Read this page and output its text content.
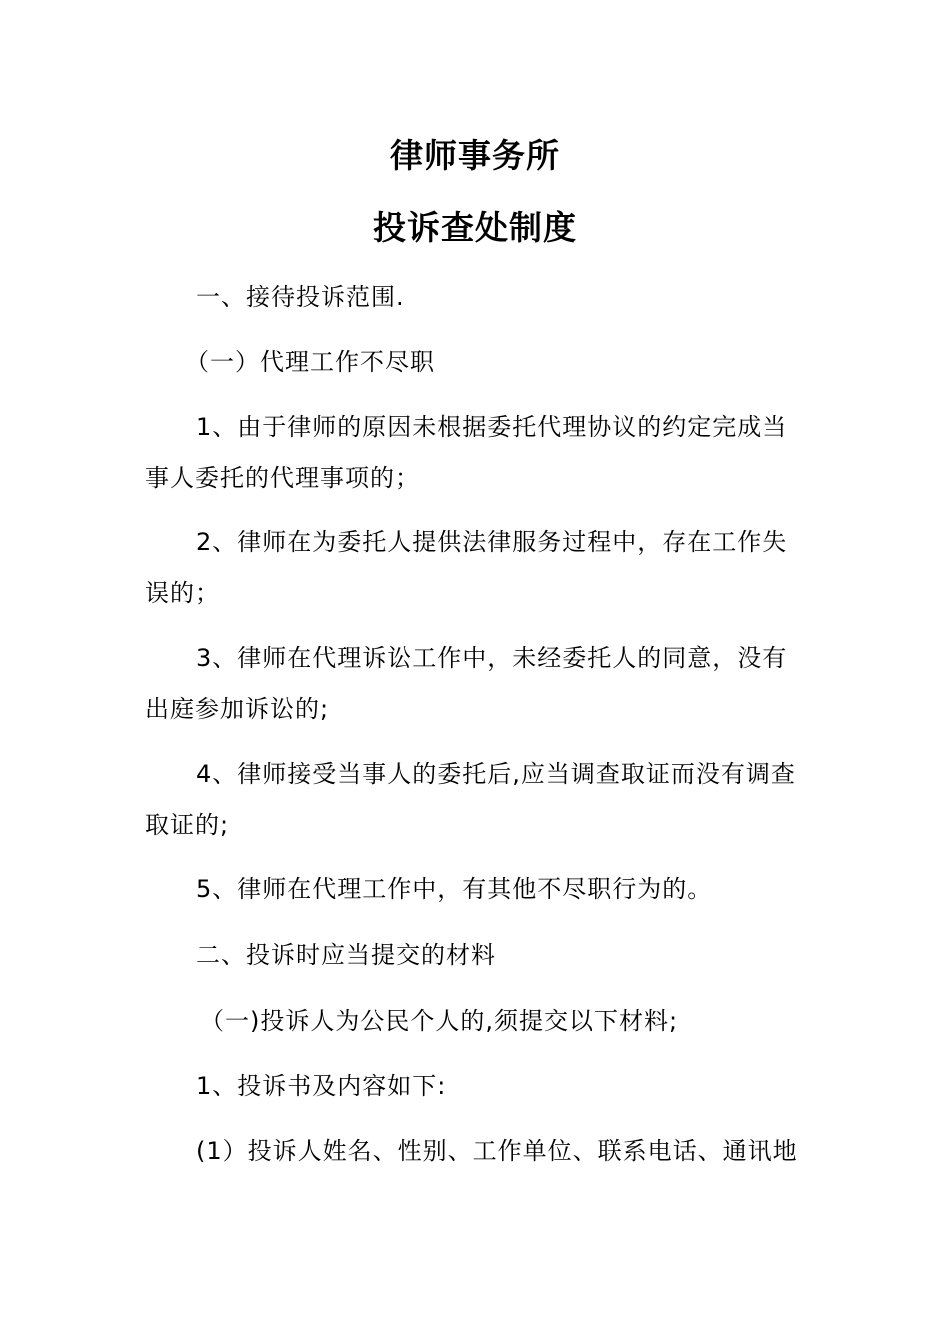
律师事务所
投诉查处制度
一、接待投诉范围.
（一）代理工作不尽职
1、由于律师的原因未根据委托代理协议的约定完成当
事人委托的代理事项的；
2、律师在为委托人提供法律服务过程中，存在工作失
误的；
3、律师在代理诉讼工作中，未经委托人的同意，没有
出庭参加诉讼的;
4、律师接受当事人的委托后,应当调查取证而没有调查
取证的;
5、律师在代理工作中，有其他不尽职行为的。
二、投诉时应当提交的材料
（一)投诉人为公民个人的,须提交以下材料;
1、投诉书及内容如下:
(1）投诉人姓名、性别、工作单位、联系电话、通讯地
